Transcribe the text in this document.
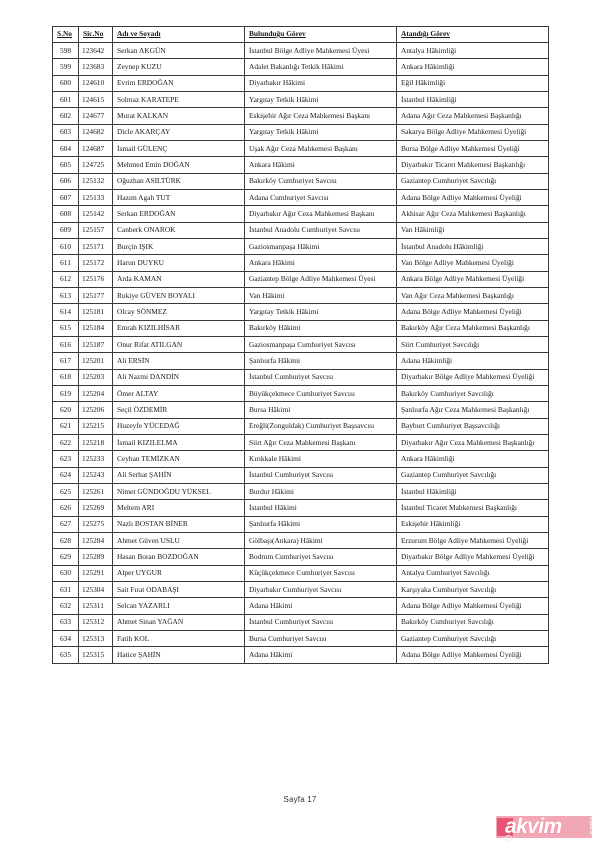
S.No	Sic.No	Adı ve Soyadı	Bulunduğu Görev	Atandığı Görev
598	123642	Serkan AKGÜN	İstanbul Bölge Adliye Mahkemesi Üyesi	Antalya Hâkimliği
599	123683	Zeynep KUZU	Adalet Bakanlığı Tetkik Hâkimi	Ankara Hâkimliği
600	124610	Evrim ERDOĞAN	Diyarbakır Hâkimi	Eğil Hâkimliği
601	124615	Solmaz KARATEPE	Yargıtay Tetkik Hâkimi	İstanbul Hâkimliği
602	124677	Murat KALKAN	Eskişehir Ağır Ceza Mahkemesi Başkanı	Adana Ağır Ceza Mahkemesi Başkanlığı
603	124682	Dicle AKARÇAY	Yargıtay Tetkik Hâkimi	Sakarya Bölge Adliye Mahkemesi Üyeliği
604	124687	İsmail GÜLENÇ	Uşak Ağır Ceza Mahkemesi Başkanı	Bursa Bölge Adliye Mahkemesi Üyeliği
605	124725	Mehmed Emin DOĞAN	Ankara Hâkimi	Diyarbakır Ticaret Mahkemesi Başkanlığı
606	125132	Oğuzhan ASILTÜRK	Bakırköy Cumhuriyet Savcısı	Gaziantep Cumhuriyet Savcılığı
607	125133	Hazım Agah TUT	Adana Cumhuriyet Savcısı	Adana Bölge Adliye Mahkemesi Üyeliği
608	125142	Serkan ERDOĞAN	Diyarbakır Ağır Ceza Mahkemesi Başkanı	Akhisar Ağır Ceza Mahkemesi Başkanlığı
609	125157	Canberk ONAROK	İstanbul Anadolu Cumhuriyet Savcısı	Van Hâkimliği
610	125171	Burçin IŞIK	Gaziosmanpaşa Hâkimi	İstanbul Anadolu Hâkimliği
611	125172	Harun DUYKU	Ankara Hâkimi	Van Bölge Adliye Mahkemesi Üyeliği
612	125176	Arda KAMAN	Gaziantep Bölge Adliye Mahkemesi Üyesi	Ankara Bölge Adliye Mahkemesi Üyeliği
613	125177	Rukiye GÜVEN BOYALI	Van Hâkimi	Van Ağır Ceza Mahkemesi Başkanlığı
614	125181	Olcay SÖNMEZ	Yargıtay Tetkik Hâkimi	Adana Bölge Adliye Mahkemesi Üyeliği
615	125184	Emrah KIZILHİSAR	Bakırköy Hâkimi	Bakırköy Ağır Ceza Mahkemesi Başkanlığı
616	125187	Onur Rifat ATILGAN	Gaziosmanpaşa Cumhuriyet Savcısı	Siirt Cumhuriyet Savcılığı
617	125201	Ali ERSİN	Şanlıurfa Hâkimi	Adana Hâkimliği
618	125203	Ali Nazmi DANDİN	İstanbul Cumhuriyet Savcısı	Diyarbakır Bölge Adliye Mahkemesi Üyeliği
619	125204	Ömer ALTAY	Büyükçekmece Cumhuriyet Savcısı	Bakırköy Cumhuriyet Savcılığı
620	125206	Seçil ÖZDEMİR	Bursa Hâkimi	Şanlıurfa Ağır Ceza Mahkemesi Başkanlığı
621	125215	Huzeyfe YÜCEDAĞ	Ereğli(Zonguldak) Cumhuriyet Başsavcısı	Bayburt Cumhuriyet Başsavcılığı
622	125218	İsmail KIZILELMA	Siirt Ağır Ceza Mahkemesi Başkanı	Diyarbakır Ağır Ceza Mahkemesi Başkanlığı
623	125233	Ceyhan TEMİZKAN	Kırıkkale Hâkimi	Ankara Hâkimliği
624	125243	Ali Serhat ŞAHİN	İstanbul Cumhuriyet Savcısı	Gaziantep Cumhuriyet Savcılığı
625	125261	Nimet GÜNDOĞDU YÜKSEL	Burdur Hâkimi	İstanbul Hâkimliği
626	125269	Meltem ARI	İstanbul Hâkimi	İstanbul Ticaret Mahkemesi Başkanlığı
627	125275	Nazlı BOSTAN BİNER	Şanlıurfa Hâkimi	Eskişehir Hâkimliği
628	125284	Ahmet Güven USLU	Gölbaşı(Ankara) Hâkimi	Erzurum Bölge Adliye Mahkemesi Üyeliği
629	125289	Hasan Boran BOZDOĞAN	Bodrum Cumhuriyet Savcısı	Diyarbakır Bölge Adliye Mahkemesi Üyeliği
630	125291	Alper UYGUR	Küçükçekmece Cumhuriyet Savcısı	Antalya Cumhuriyet Savcılığı
631	125304	Sait Fırat ODABAŞI	Diyarbakır Cumhuriyet Savcısı	Karşıyaka Cumhuriyet Savcılığı
632	125311	Selcan YAZARLI	Adana Hâkimi	Adana Bölge Adliye Mahkemesi Üyeliği
633	125312	Ahmet Sinan YAĞAN	İstanbul Cumhuriyet Savcısı	Bakırköy Cumhuriyet Savcılığı
634	125313	Fatih KOL	Bursa Cumhuriyet Savcısı	Gaziantep Cumhuriyet Savcılığı
635	125315	Hatice ŞAHİN	Adana Hâkimi	Adana Bölge Adliye Mahkemesi Üyeliği
Sayfa 17
akvim	com.tr
